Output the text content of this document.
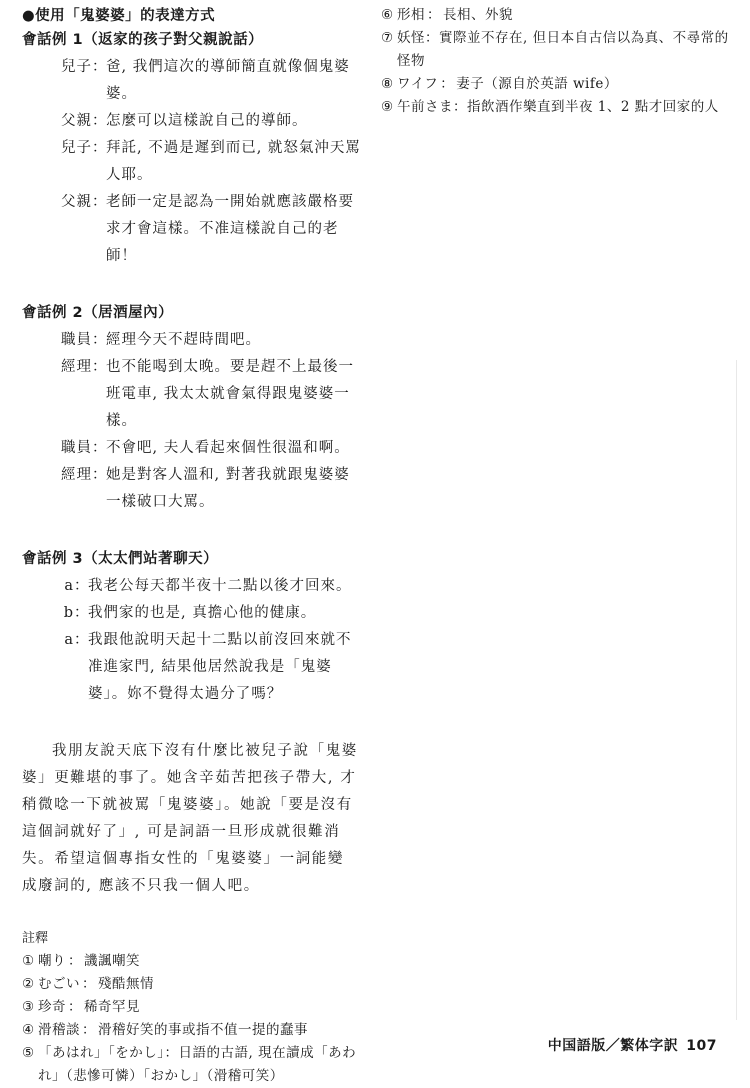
●使用「鬼婆婆」的表達方式
會話例 1（返家的孩子對父親說話）
兒子 ：
爸, 我們這次的導師簡直就像個鬼婆婆。
父親 ：
怎麼可以這樣說自己的導師。
兒子 ：
拜託, 不過是遲到而已, 就怒氣沖天罵人耶。
父親 ：
老師一定是認為一開始就應該嚴格要求才會這樣。不准這樣說自己的老師！
會話例 2（居酒屋內）
職員 ：
經理今天不趕時間吧。
經理 ：
也不能喝到太晚。要是趕不上最後一班電車, 我太太就會氣得跟鬼婆婆一樣。
職員 ：
不會吧, 夫人看起來個性很溫和啊。
經理 ：
她是對客人溫和, 對著我就跟鬼婆婆一樣破口大罵。
會話例 3（太太們站著聊天）
a ：
我老公每天都半夜十二點以後才回來。
b ：
我們家的也是, 真擔心他的健康。
a ：
我跟他說明天起十二點以前沒回來就不准進家門, 結果他居然說我是「鬼婆婆」。妳不覺得太過分了嗎？

我朋友說天底下沒有什麼比被兒子說「鬼婆婆」更難堪的事了。她含辛茹苦把孩子帶大, 才稍微唸一下就被罵「鬼婆婆」。她說「要是沒有這個詞就好了」, 可是詞語一旦形成就很難消失。希望這個專指女性的「鬼婆婆」一詞能變成廢詞的, 應該不只我一個人吧。

註釋
① 嘲り ： 譏諷嘲笑
② むごい ： 殘酷無情
③ 珍奇 ： 稀奇罕見
④ 滑稽談 ： 滑稽好笑的事或指不值一提的蠢事
⑤ 「あはれ」「をかし」：日語的古語, 現在讀成「あわれ」（悲慘可憐）「おかし」（滑稽可笑）
⑥ 形相 ： 長相、外貌
⑦ 妖怪：實際並不存在, 但日本自古信以為真、不尋常的怪物
⑧ ワイフ ： 妻子（源自於英語 wife）
⑨ 午前さま：指飲酒作樂直到半夜 1、2 點才回家的人
中国語版／繁体字訳 107
